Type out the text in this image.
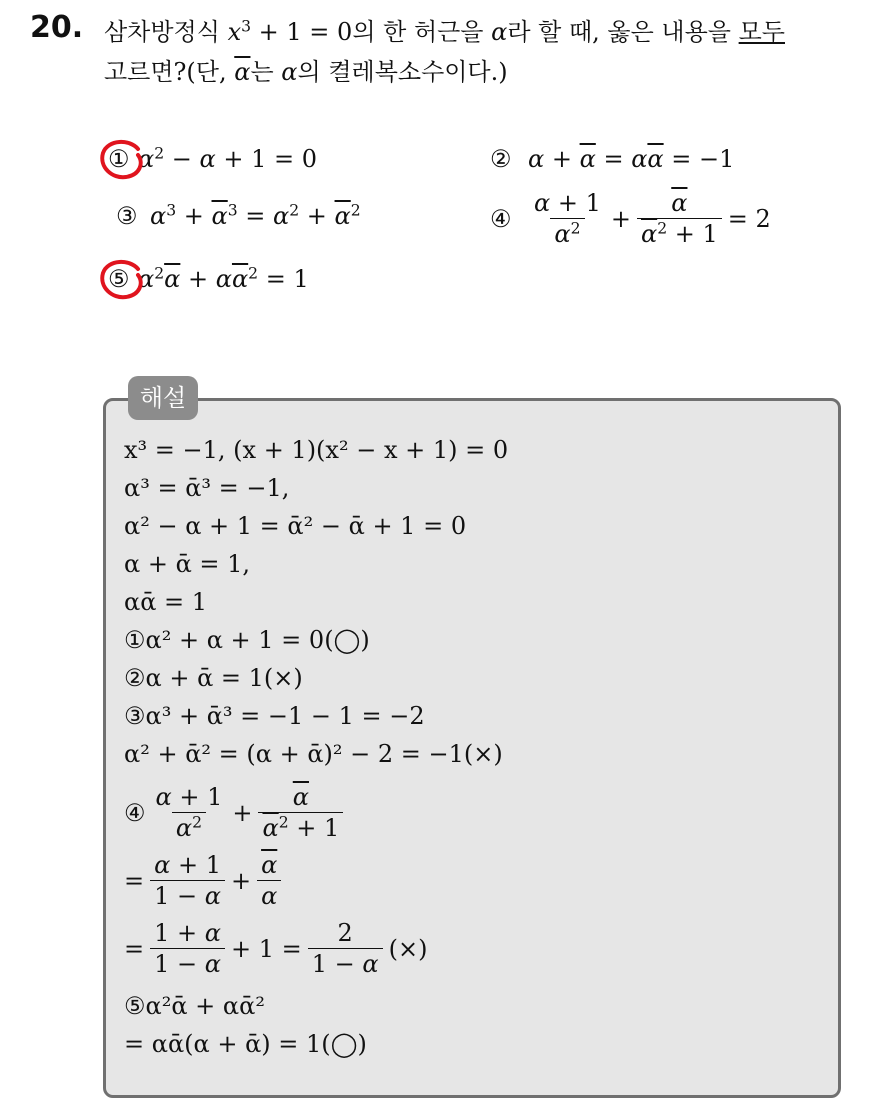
20. 삼차방정식 $x^3 + 1 = 0$의 한 허근을 α라 할 때, 옳은 내용을 모두
고르면?(단, $\overline{\alpha}$는 α의 켤레복소수이다.)
① $\alpha^2 - \alpha + 1 = 0$	② $\alpha + \overline{\alpha} = \alpha\overline{\alpha} = -1$
③ $\alpha^3 + \overline{\alpha}^3 = \alpha^2 + \overline{\alpha}^2$	④ $\frac{\alpha + 1}{\alpha^2} + \frac{\overline{\alpha}}{\overline{\alpha}^2 + 1} = 2$
⑤ $\alpha^2\overline{\alpha} + \alpha\overline{\alpha}^2 = 1$
해설
x³ = −1, (x + 1)(x² − x + 1) = 0
α³ = ᾱ³ = −1,
α² − α + 1 = ᾱ² − ᾱ + 1 = 0
α + ᾱ = 1,
αᾱ = 1
①α² + α + 1 = 0(◯)
②α + ᾱ = 1(×)
③α³ + ᾱ³ = −1 − 1 = −2
α² + ᾱ² = (α + ᾱ)² − 2 = −1(×)
④ $\frac{\alpha + 1}{\alpha^2} + \frac{\overline{\alpha}}{\overline{\alpha}^2 + 1}$
= $\frac{\alpha + 1}{1 - \alpha} + \frac{\overline{\alpha}}{\alpha}$
= $\frac{1 + \alpha}{1 - \alpha} + 1 = \frac{2}{1 - \alpha}$ ( × )
⑤α²ᾱ + αᾱ²
= αᾱ(α + ᾱ) = 1(◯)
